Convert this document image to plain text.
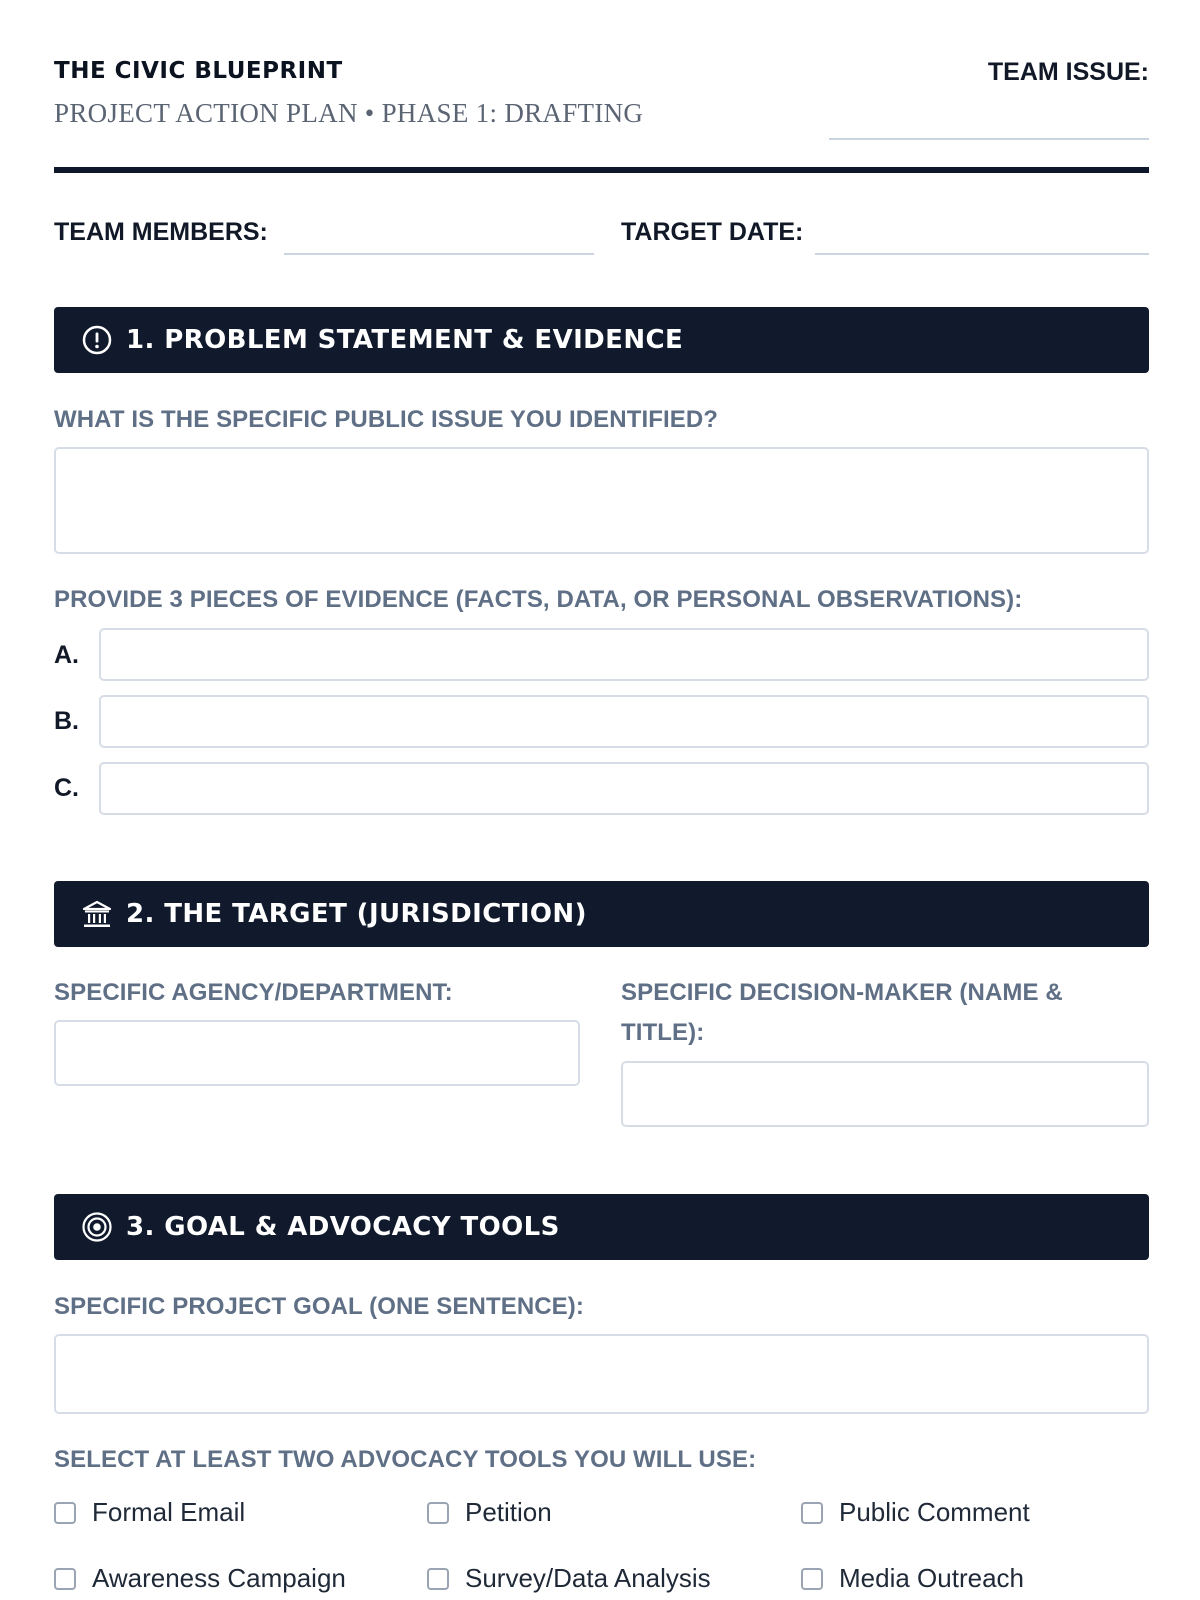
THE CIVIC BLUEPRINT
PROJECT ACTION PLAN • PHASE 1: DRAFTING
TEAM ISSUE:
TEAM MEMBERS:	TARGET DATE:
1. PROBLEM STATEMENT & EVIDENCE
WHAT IS THE SPECIFIC PUBLIC ISSUE YOU IDENTIFIED?
PROVIDE 3 PIECES OF EVIDENCE (FACTS, DATA, OR PERSONAL OBSERVATIONS):
A.
B.
C.
2. THE TARGET (JURISDICTION)
SPECIFIC AGENCY/DEPARTMENT:	SPECIFIC DECISION-MAKER (NAME &
TITLE):
3. GOAL & ADVOCACY TOOLS
SPECIFIC PROJECT GOAL (ONE SENTENCE):
SELECT AT LEAST TWO ADVOCACY TOOLS YOU WILL USE:
Formal Email	Petition	Public Comment
Awareness Campaign	Survey/Data Analysis	Media Outreach
